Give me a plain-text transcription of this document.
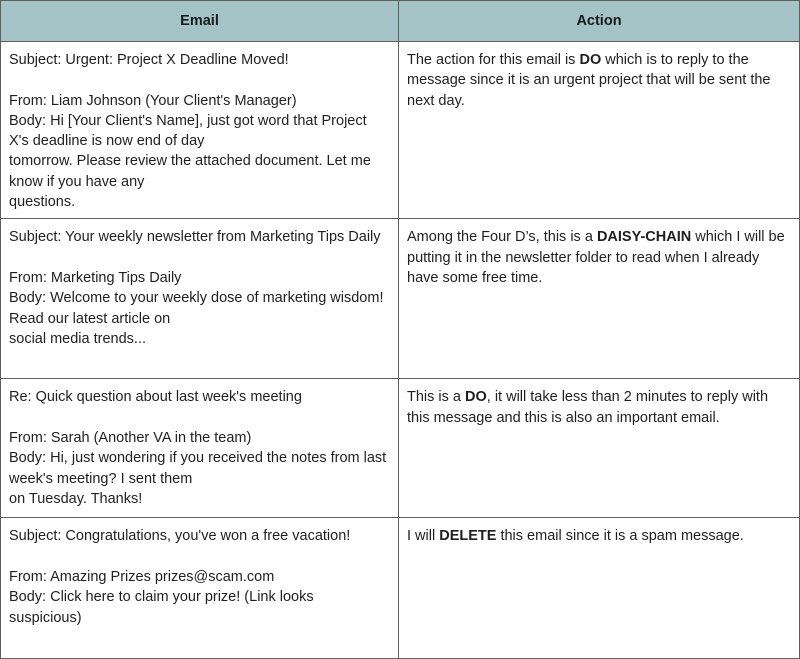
Email	Action

Subject: Urgent: Project X Deadline Moved!
From: Liam Johnson (Your Client's Manager)
Body: Hi [Your Client's Name], just got word that Project X's deadline is now end of day
tomorrow. Please review the attached document. Let me know if you have any
questions.	The action for this email is DO which is to reply to the message since it is an urgent project that will be sent the next day.

Subject: Your weekly newsletter from Marketing Tips Daily
From: Marketing Tips Daily
Body: Welcome to your weekly dose of marketing wisdom! Read our latest article on
social media trends...	Among the Four D’s, this is a DAISY-CHAIN which I will be putting it in the newsletter folder to read when I already have some free time.

Re: Quick question about last week's meeting
From: Sarah (Another VA in the team)
Body: Hi, just wondering if you received the notes from last week's meeting? I sent them
on Tuesday. Thanks!	This is a DO, it will take less than 2 minutes to reply with this message and this is also an important email.

Subject: Congratulations, you've won a free vacation!
From: Amazing Prizes prizes@scam.com
Body: Click here to claim your prize! (Link looks suspicious)	I will DELETE this email since it is a spam message.
